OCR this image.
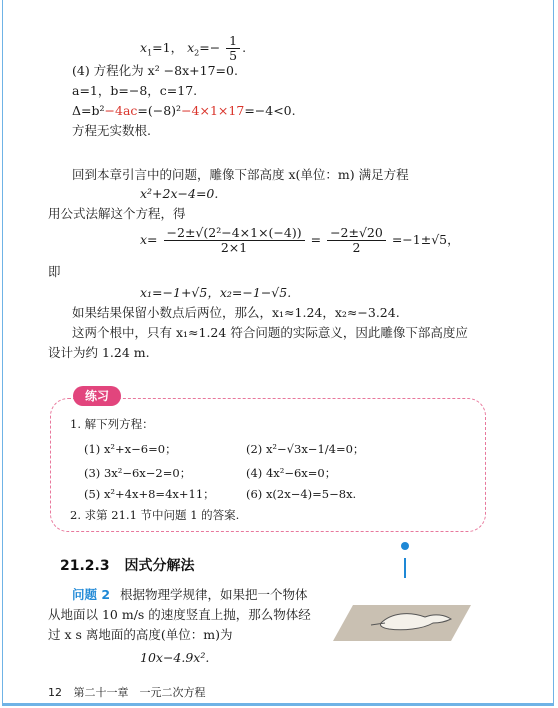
$x_1=1$， $x_2=- \frac{1}{5}$ .
(4) 方程化为 x² −8x+17=0.
a=1，b=−8，c=17.
Δ=b²−4ac=(−8)²−4×1×17=−4<0.
方程无实数根.
回到本章引言中的问题，雕像下部高度 x(单位：m) 满足方程
x²+2x−4=0.
用公式法解这个方程，得
$x= \frac{\text{−2±√(2²−4×1×(−4))}}{2\times 1} = \frac{-2\pm√20}{2} =-1\pm√5$，
即
x₁=−1+√5，x₂=−1−√5.
如果结果保留小数点后两位，那么，x₁≈1.24，x₂≈−3.24.
这两个根中，只有 x₁≈1.24 符合问题的实际意义，因此雕像下部高度应
设计为约 1.24 m.
练习
1. 解下列方程：
(1) x²+x−6=0；	(2) x²−√3x−1/4=0；
(3) 3x²−6x−2=0；	(4) 4x²−6x=0；
(5) x²+4x+8=4x+11；	(6) x(2x−4)=5−8x.
2. 求第 21.1 节中问题 1 的答案.
21.2.3 因式分解法
问题 2 根据物理学规律，如果把一个物体
从地面以 10 m/s 的速度竖直上抛，那么物体经
过 x s 离地面的高度(单位：m)为
10x−4.9x².
12 第二十一章　一元二次方程
